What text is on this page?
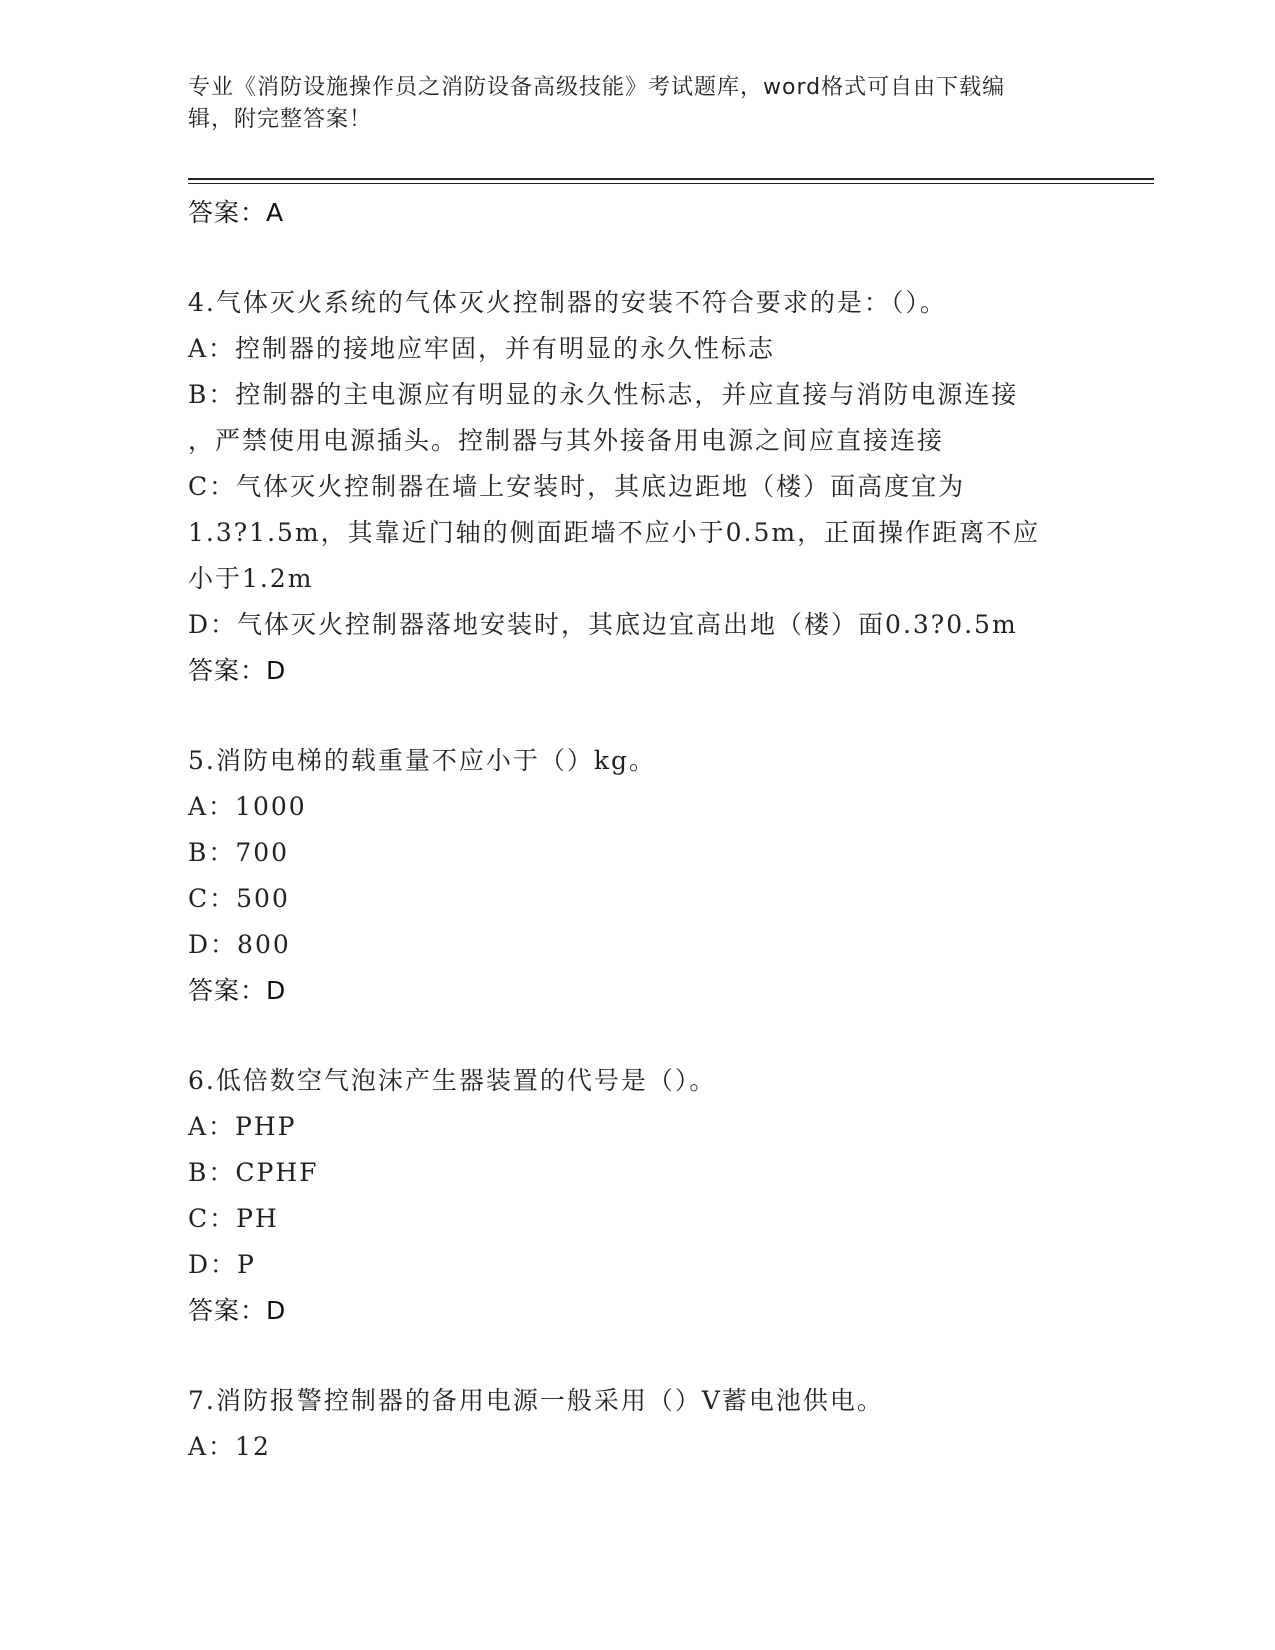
专业《消防设施操作员之消防设备高级技能》考试题库，word格式可自由下载编
辑，附完整答案！
答案：A
4.气体灭火系统的气体灭火控制器的安装不符合要求的是：（）。
A：控制器的接地应牢固，并有明显的永久性标志
B：控制器的主电源应有明显的永久性标志，并应直接与消防电源连接
，严禁使用电源插头。控制器与其外接备用电源之间应直接连接
C：气体灭火控制器在墙上安装时，其底边距地（楼）面高度宜为
1.3?1.5m，其靠近门轴的侧面距墙不应小于0.5m，正面操作距离不应
小于1.2m
D：气体灭火控制器落地安装时，其底边宜高出地（楼）面0.3?0.5m
答案：D
5.消防电梯的载重量不应小于（）kg。
A：1000
B：700
C：500
D：800
答案：D
6.低倍数空气泡沫产生器装置的代号是（）。
A：PHP
B：CPHF
C：PH
D：P
答案：D
7.消防报警控制器的备用电源一般采用（）V蓄电池供电。
A：12
